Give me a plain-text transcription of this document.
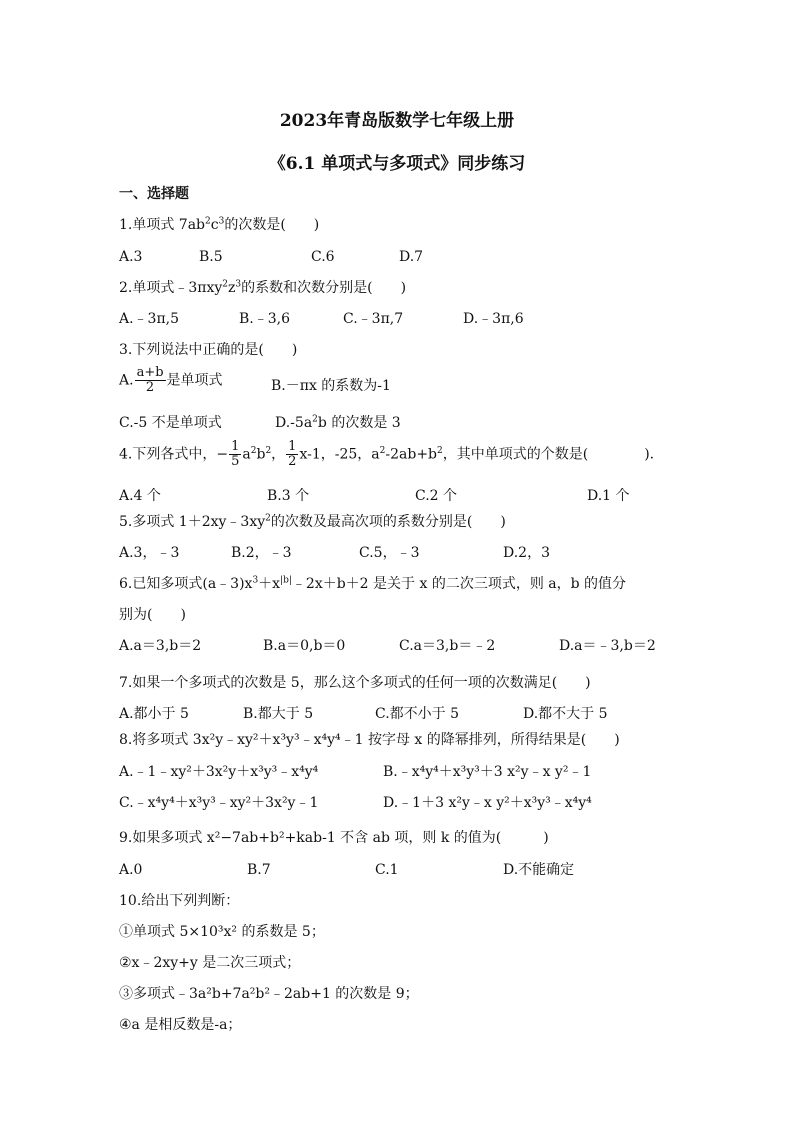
2023年青岛版数学七年级上册
《6.1 单项式与多项式》同步练习
一、选择题
1.单项式 $7ab^2c^3$的次数是(　　)
A.3	B.5	C.6	D.7
2.单项式$﹣3\pi xy^2z^3$的系数和次数分别是(　　)
A.﹣3π,5	B.﹣3,6	C.﹣3π,7	D.﹣3π,6
3.下列说法中正确的是(　　)
A. $\frac{a+b}{2}$ 是单项式	B.－πx 的系数为-1
C.-5 不是单项式	$D.-5a^2b$ 的次数是 3
4.下列各式中，− $\frac{1}{5} a^2b^2$， $\frac{1}{2} x-1$，-25，$a^2-2ab+b^2$，其中单项式的个数是(　　　　).
A.4 个	B.3 个	C.2 个	D.1 个
5.多项式 $1+2xy﹣3xy^2$的次数及最高次项的系数分别是(　　)
A.3，﹣3	B.2，﹣3	C.5，﹣3	D.2，3
6.已知多项式$(a﹣3)x^3+x^{|b|}﹣2x+b+2$ 是关于 x 的二次三项式，则 a，b 的值分
别为(　　)
A.a＝3,b＝2	B.a＝0,b＝0	C.a＝3,b＝﹣2	D.a＝﹣3,b＝2
7.如果一个多项式的次数是 5，那么这个多项式的任何一项的次数满足(　　)
A.都小于 5	B.都大于 5	C.都不小于 5	D.都不大于 5
8.将多项式 3x²y﹣xy²＋x³y³﹣x⁴y⁴﹣1 按字母 x 的降幂排列，所得结果是(　　)
A.﹣1﹣xy²＋3x²y＋x³y³﹣x⁴y⁴	B.﹣x⁴y⁴＋x³y³＋3 x²y﹣x y²﹣1
C.﹣x⁴y⁴＋x³y³﹣xy²＋3x²y﹣1	D.﹣1＋3 x²y﹣x y²＋x³y³﹣x⁴y⁴
9.如果多项式 x²−7ab+b²+kab-1 不含 ab 项，则 k 的值为(　　　)
A.0	B.7	C.1	D.不能确定
10.给出下列判断：
①单项式 5×10³x² 的系数是 5；
②x﹣2xy+y 是二次三项式；
③多项式﹣3a²b+7a²b²﹣2ab+1 的次数是 9；
④a 是相反数是-a；
